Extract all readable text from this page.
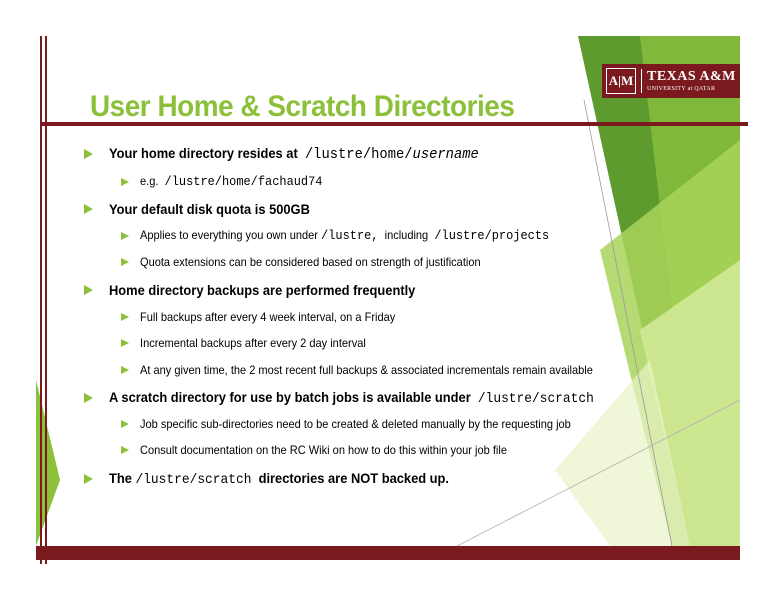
A|M TEXAS A&M
UNIVERSITY at QATAR
User Home & Scratch Directories
Your home directory resides at /lustre/home/username
e.g. /lustre/home/fachaud74
Your default disk quota is 500GB
Applies to everything you own under /lustre, including /lustre/projects
Quota extensions can be considered based on strength of justification
Home directory backups are performed frequently
Full backups after every 4 week interval, on a Friday
Incremental backups after every 2 day interval
At any given time, the 2 most recent full backups & associated incrementals remain available
A scratch directory for use by batch jobs is available under /lustre/scratch
Job specific sub-directories need to be created & deleted manually by the requesting job
Consult documentation on the RC Wiki on how to do this within your job file
The /lustre/scratch directories are NOT backed up.
